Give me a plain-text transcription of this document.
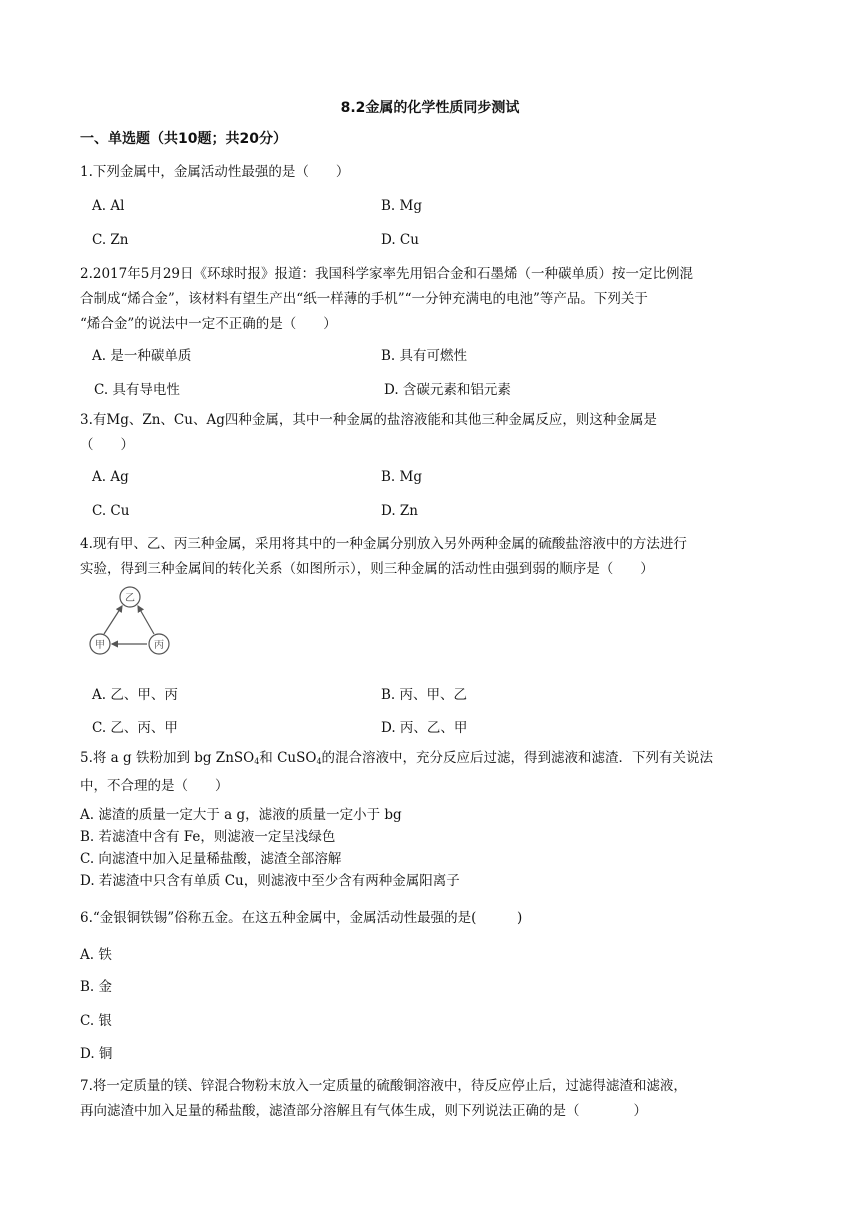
8.2金属的化学性质同步测试
一、单选题（共10题；共20分）
1.下列金属中，金属活动性最强的是（　　）
A. Al	B. Mg
C. Zn	D. Cu
2.2017年5月29日《环球时报》报道：我国科学家率先用铝合金和石墨烯（一种碳单质）按一定比例混
合制成“烯合金”，该材料有望生产出“纸一样薄的手机”“一分钟充满电的电池”等产品。下列关于
“烯合金”的说法中一定不正确的是（　　）
A. 是一种碳单质	B. 具有可燃性
C. 具有导电性	D. 含碳元素和铝元素
3.有Mg、Zn、Cu、Ag四种金属，其中一种金属的盐溶液能和其他三种金属反应，则这种金属是
（　　）
A. Ag	B. Mg
C. Cu	D. Zn
4.现有甲、乙、丙三种金属，采用将其中的一种金属分别放入另外两种金属的硫酸盐溶液中的方法进行
实验，得到三种金属间的转化关系（如图所示），则三种金属的活动性由强到弱的顺序是（　　）
乙
甲	丙
A. 乙、甲、丙	B. 丙、甲、乙
C. 乙、丙、甲	D. 丙、乙、甲
5.将 a g 铁粉加到 bg ZnSO$_4$和 CuSO$_4$的混合溶液中，充分反应后过滤，得到滤液和滤渣．下列有关说法
中，不合理的是（　　）
A. 滤渣的质量一定大于 a g，滤液的质量一定小于 bg
B. 若滤渣中含有 Fe，则滤液一定呈浅绿色
C. 向滤渣中加入足量稀盐酸，滤渣全部溶解
D. 若滤渣中只含有单质 Cu，则滤液中至少含有两种金属阳离子
6.“金银铜铁锡”俗称五金。在这五种金属中，金属活动性最强的是(　　　)
A. 铁
B. 金
C. 银
D. 铜
7.将一定质量的镁、锌混合物粉末放入一定质量的硫酸铜溶液中，待反应停止后，过滤得滤渣和滤液，
再向滤渣中加入足量的稀盐酸，滤渣部分溶解且有气体生成，则下列说法正确的是（　　　　）
